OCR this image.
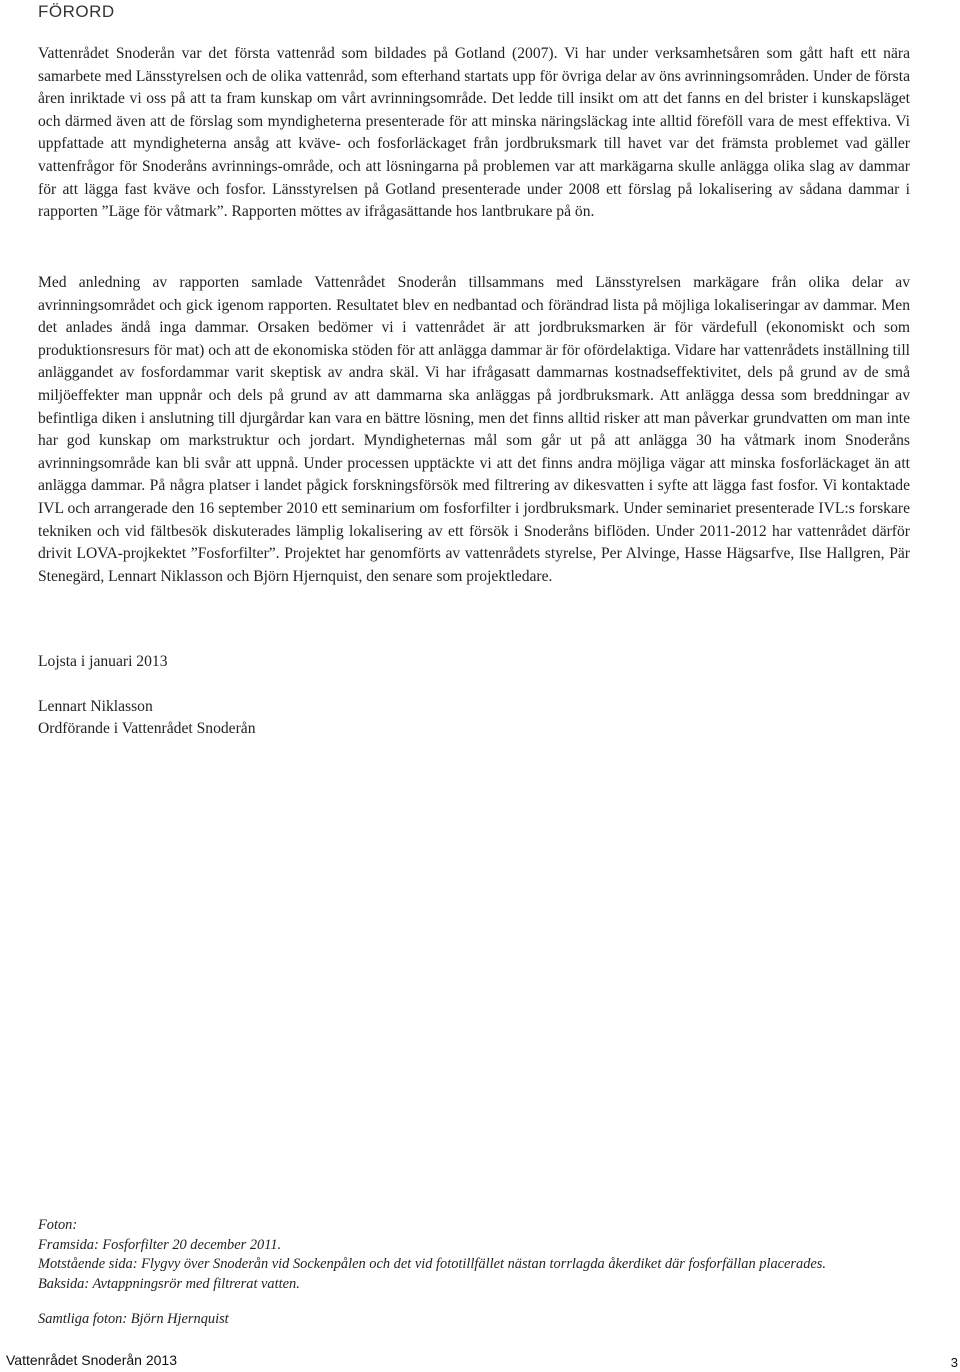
FÖRORD

Vattenrådet Snoderån var det första vattenråd som bildades på Gotland (2007). Vi har under verksamhetsåren som gått haft ett nära samarbete med Länsstyrelsen och de olika vattenråd, som efterhand startats upp för övriga delar av öns avrinningsområden. Under de första åren inriktade vi oss på att ta fram kunskap om vårt avrinningsområde. Det ledde till insikt om att det fanns en del brister i kunskapsläget och därmed även att de förslag som myndigheterna presenterade för att minska näringsläckag inte alltid föreföll vara de mest effektiva. Vi uppfattade att myndigheterna ansåg att kväve- och fosforläckaget från jordbruksmark till havet var det främsta problemet vad gäller vattenfrågor för Snoderåns avrinnings-område, och att lösningarna på problemen var att markägarna skulle anlägga olika slag av dammar för att lägga fast kväve och fosfor. Länsstyrelsen på Gotland presenterade under 2008 ett förslag på lokalisering av sådana dammar i rapporten ”Läge för våtmark”. Rapporten möttes av ifrågasättande hos lantbrukare på ön.

Med anledning av rapporten samlade Vattenrådet Snoderån tillsammans med Länsstyrelsen markägare från olika delar av avrinningsområdet och gick igenom rapporten. Resultatet blev en nedbantad och förändrad lista på möjliga lokaliseringar av dammar. Men det anlades ändå inga dammar. Orsaken bedömer vi i vattenrådet är att jordbruksmarken är för värdefull (ekonomiskt och som produktionsresurs för mat) och att de ekonomiska stöden för att anlägga dammar är för ofördelaktiga. Vidare har vattenrådets inställning till anläggandet av fosfordammar varit skeptisk av andra skäl. Vi har ifrågasatt dammarnas kostnadseffektivitet, dels på grund av de små miljöeffekter man uppnår och dels på grund av att dammarna ska anläggas på jordbruksmark. Att anlägga dessa som breddningar av befintliga diken i anslutning till djurgårdar kan vara en bättre lösning, men det finns alltid risker att man påverkar grundvatten om man inte har god kunskap om markstruktur och jordart. Myndigheternas mål som går ut på att anlägga 30 ha våtmark inom Snoderåns avrinningsområde kan bli svår att uppnå. Under processen upptäckte vi att det finns andra möjliga vägar att minska fosforläckaget än att anlägga dammar. På några platser i landet pågick forskningsförsök med filtrering av dikesvatten i syfte att lägga fast fosfor. Vi kontaktade IVL och arrangerade den 16 september 2010 ett seminarium om fosforfilter i jordbruksmark. Under seminariet presenterade IVL:s forskare tekniken och vid fältbesök diskuterades lämplig lokalisering av ett försök i Snoderåns biflöden. Under 2011-2012 har vattenrådet därför drivit LOVA-projkektet ”Fosforfilter”. Projektet har genomförts av vattenrådets styrelse, Per Alvinge, Hasse Hägsarfve, Ilse Hallgren, Pär Stenegärd, Lennart Niklasson och Björn Hjernquist, den senare som projektledare.

Lojsta i januari 2013

Lennart Niklasson

Ordförande i Vattenrådet Snoderån

Foton:
Framsida: Fosforfilter 20 december 2011.
Motstående sida: Flygvy över Snoderån vid Sockenpålen och det vid fototillfället nästan torrlagda åkerdiket där fosforfällan placerades.
Baksida: Avtappningsrör med filtrerat vatten.
Samtliga foton: Björn Hjernquist
Vattenrådet Snoderån 2013	3
